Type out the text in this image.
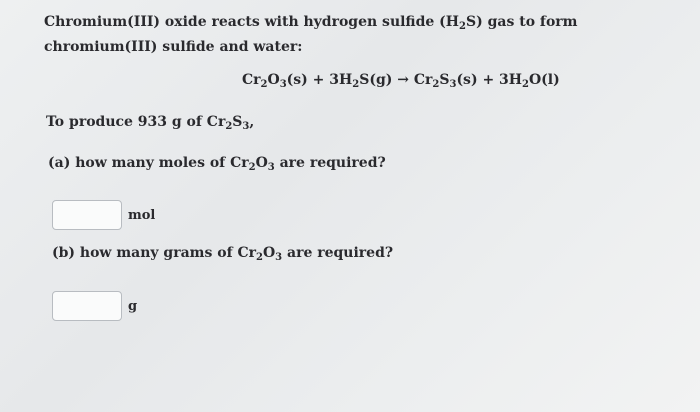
Chromium(III) oxide reacts with hydrogen sulfide $(H_2S)$ gas to form chromium(III) sulfide and water:
$Cr_2O_3(s) + 3H_2S(g) \to Cr_2S_3(s) + 3H_2O(l)$
To produce 933 g of $Cr_2S_3$,
(a) how many moles of $Cr_2O_3$ are required?
mol
(b) how many grams of $Cr_2O_3$ are required?
g
